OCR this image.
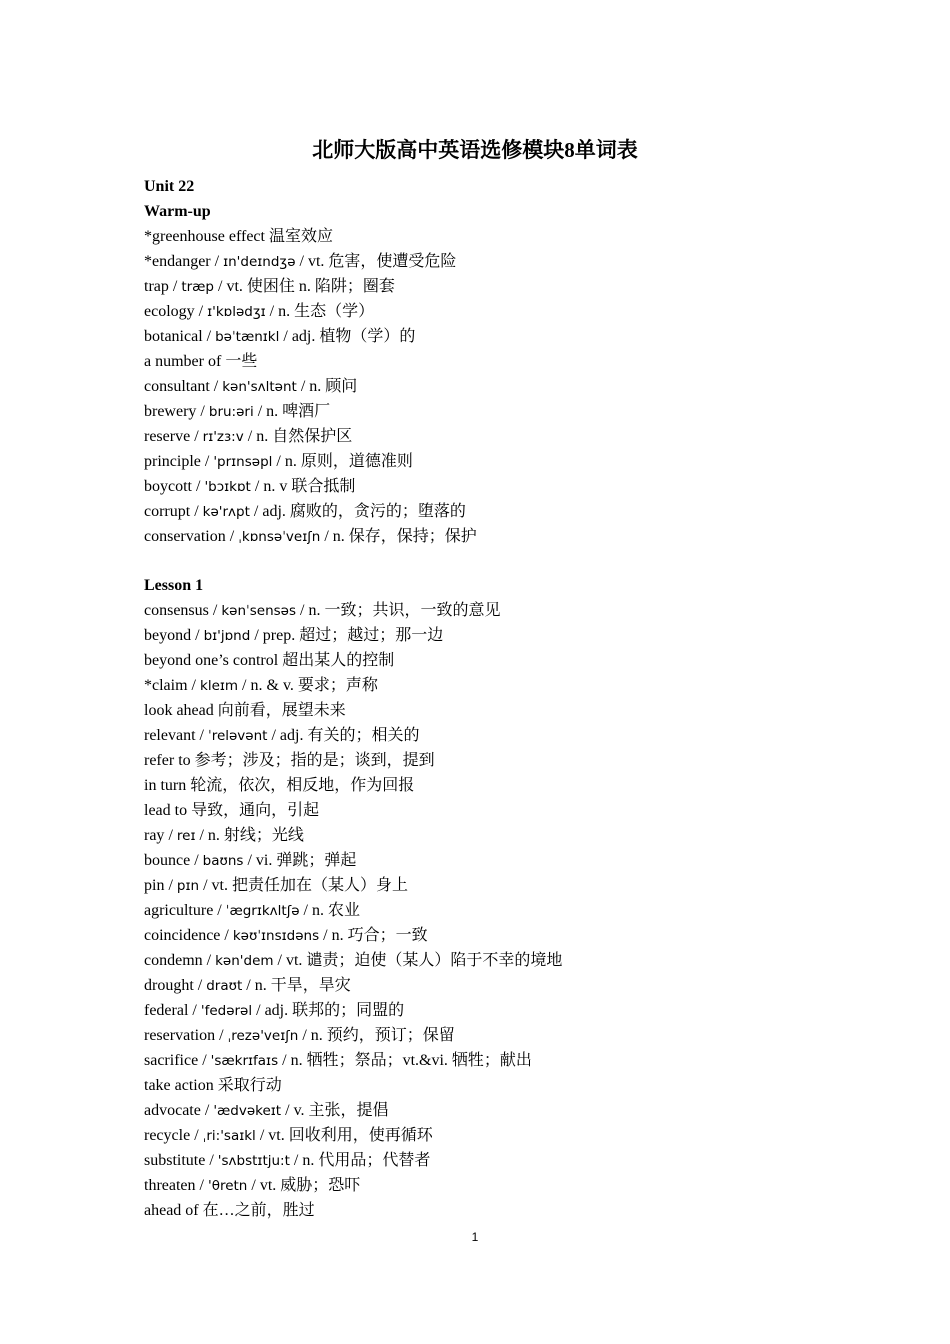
北师大版高中英语选修模块8单词表
Unit 22
Warm-up
*greenhouse effect 温室效应
*endanger / ɪn'deɪndʒə / vt. 危害，使遭受危险
trap / træp / vt. 使困住 n. 陷阱；圈套
ecology / ɪ'kɒlədʒɪ / n. 生态（学）
botanical / bəˈtænɪkl / adj. 植物（学）的
a number of 一些
consultant / kən'sʌltənt / n. 顾问
brewery / bru:əri / n. 啤酒厂
reserve / rɪ'zɜ:v / n. 自然保护区
principle / 'prɪnsəpl / n. 原则，道德准则
boycott / 'bɔɪkɒt / n. v 联合抵制
corrupt / kə'rʌpt / adj. 腐败的，贪污的；堕落的
conservation / ˌkɒnsəˈveɪʃn / n. 保存，保持；保护
Lesson 1
consensus / kənˈsensəs / n. 一致；共识，一致的意见
beyond / bɪ'jɒnd / prep. 超过；越过；那一边
beyond one’s control 超出某人的控制
*claim / kleɪm / n. & v. 要求；声称
look ahead 向前看，展望未来
relevant / ˈreləvənt / adj. 有关的；相关的
refer to 参考；涉及；指的是；谈到，提到
in turn 轮流，依次，相反地，作为回报
lead to 导致，通向，引起
ray / reɪ / n. 射线；光线
bounce / baʊns / vi. 弹跳；弹起
pin / pɪn / vt. 把责任加在（某人）身上
agriculture / ˈægrɪkʌltʃə / n. 农业
coincidence / kəʊˈɪnsɪdəns / n. 巧合；一致
condemn / kən'dem / vt. 谴责；迫使（某人）陷于不幸的境地
drought / draʊt / n. 干旱，旱灾
federal / 'fedərəl / adj. 联邦的；同盟的
reservation / ˌrezə'veɪʃn / n. 预约，预订；保留
sacrifice / 'sækrɪfaɪs / n. 牺牲；祭品；vt.&vi. 牺牲；献出
take action 采取行动
advocate / 'ædvəkeɪt / v. 主张，提倡
recycle / ˌri:'saɪkl / vt. 回收利用，使再循环
substitute / 'sʌbstɪtju:t / n. 代用品；代替者
threaten / 'θretn / vt. 威胁；恐吓
ahead of 在…之前，胜过
1
